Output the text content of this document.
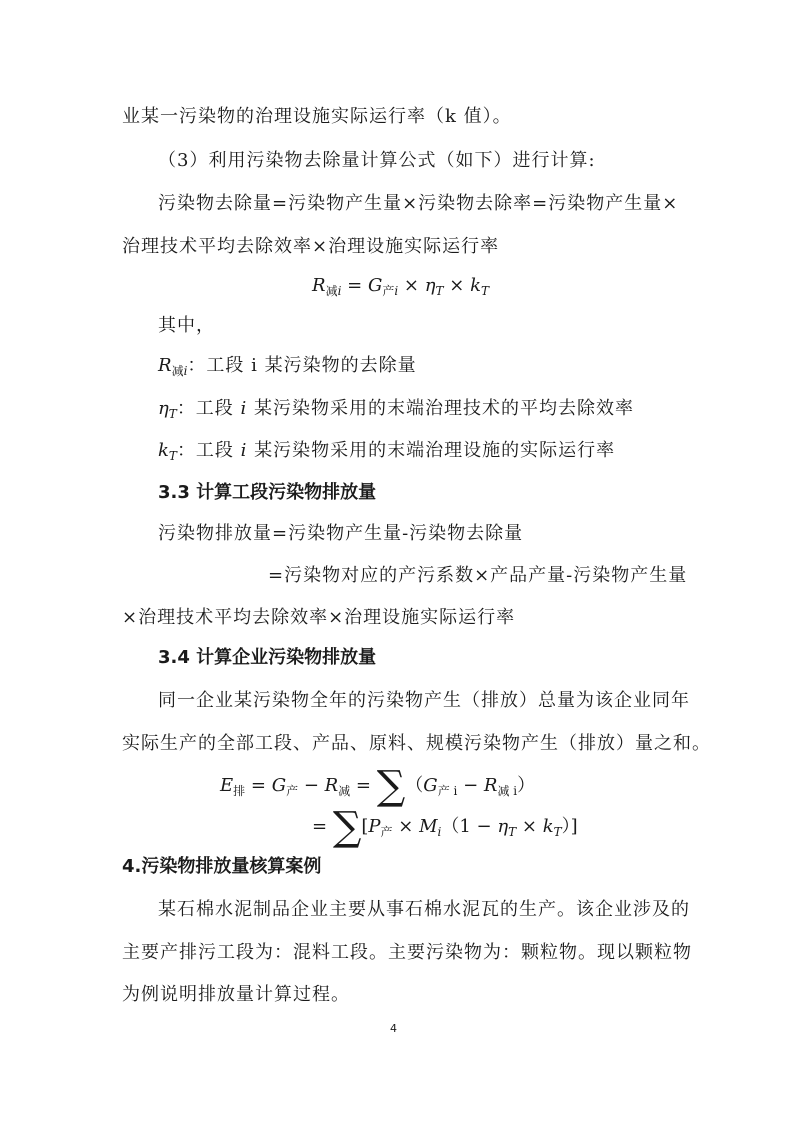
业某一污染物的治理设施实际运行率（k 值）。
（3）利用污染物去除量计算公式（如下）进行计算:
污染物去除量=污染物产生量×污染物去除率=污染物产生量×
治理技术平均去除效率×治理设施实际运行率
$R_{减i} = G_{产i} \times \eta_T \times k_T$
其中，
$R_{减i}$：工段 i 某污染物的去除量
$\eta_T$：工段 i 某污染物采用的末端治理技术的平均去除效率
$k_T$：工段 i 某污染物采用的末端治理设施的实际运行率
3.3 计算工段污染物排放量
污染物排放量=污染物产生量-污染物去除量
=污染物对应的产污系数×产品产量-污染物产生量
×治理技术平均去除效率×治理设施实际运行率
3.4 计算企业污染物排放量
同一企业某污染物全年的污染物产生（排放）总量为该企业同年
实际生产的全部工段、产品、原料、规模污染物产生（排放）量之和。
$E_排 = G_产 - R_减 = \sum(G_{产 i} - R_{减 i})$
= $\sum[P_产 \times M_i(1 - \eta_T \times k_T)]$
4.污染物排放量核算案例
某石棉水泥制品企业主要从事石棉水泥瓦的生产。该企业涉及的
主要产排污工段为：混料工段。主要污染物为：颗粒物。现以颗粒物
为例说明排放量计算过程。
4
